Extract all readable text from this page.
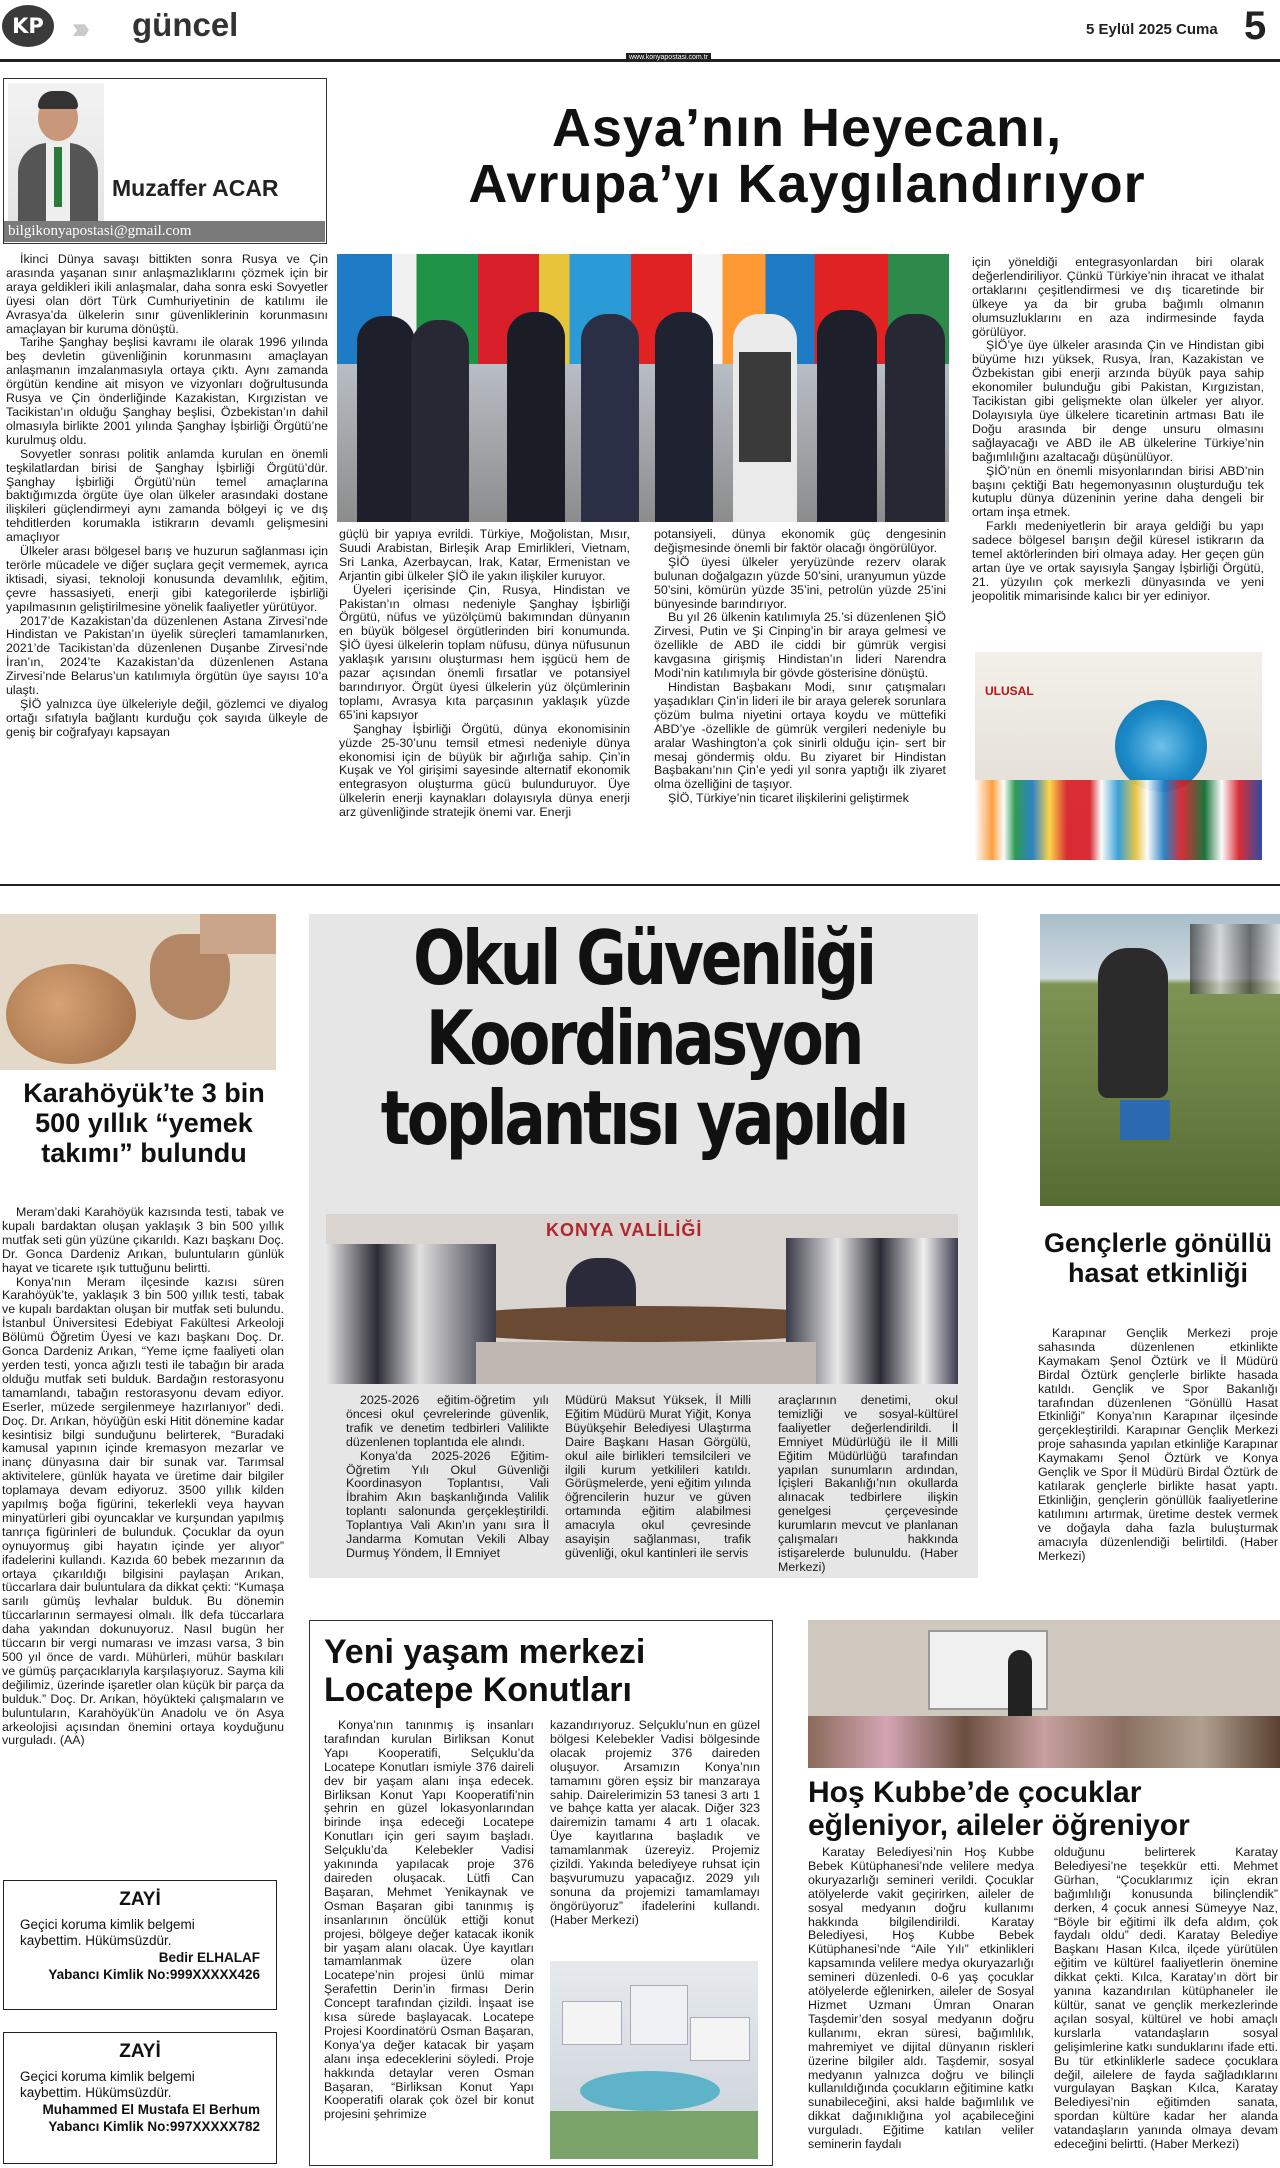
KP ››› güncel	5 Eylül 2025 Cuma 5
www.konyapostasi.com.tr
Muzaffer ACAR
bilgikonyapostasi@gmail.com
Asya’nın Heyecanı,
Avrupa’yı Kaygılandırıyor

İkinci Dünya savaşı bittikten sonra Rusya ve Çin arasında yaşanan sınır anlaşmazlıklarını çözmek için bir araya geldikleri ikili anlaşmalar, daha sonra eski Sovyetler üyesi olan dört Türk Cumhuriyetinin de katılımı ile Avrasya’da ülkelerin sınır güvenliklerinin korunmasını amaçlayan bir kuruma dönüştü.

Tarihe Şanghay beşlisi kavramı ile olarak 1996 yılında beş devletin güvenliğinin korunmasını amaçlayan anlaşmanın imzalanmasıyla ortaya çıktı. Aynı zamanda örgütün kendine ait misyon ve vizyonları doğrultusunda Rusya ve Çin önderliğinde Kazakistan, Kırgızistan ve Tacikistan’ın olduğu Şanghay beşlisi, Özbekistan’ın dahil olmasıyla birlikte 2001 yılında Şanghay İşbirliği Örgütü’ne kurulmuş oldu.

Sovyetler sonrası politik anlamda kurulan en önemli teşkilatlardan birisi de Şanghay İşbirliği Örgütü’dür. Şanghay İşbirliği Örgütü’nün temel amaçlarına baktığımızda örgüte üye olan ülkeler arasındaki dostane ilişkileri güçlendirmeyi aynı zamanda bölgeyi iç ve dış tehditlerden korumakla istikrarın devamlı gelişmesini amaçlıyor

Ülkeler arası bölgesel barış ve huzurun sağlanması için terörle mücadele ve diğer suçlara geçit vermemek, ayrıca iktisadi, siyasi, teknoloji konusunda devamlılık, eğitim, çevre hassasiyeti, enerji gibi kategorilerde işbirliği yapılmasının geliştirilmesine yönelik faaliyetler yürütüyor.

2017’de Kazakistan’da düzenlenen Astana Zirvesi’nde Hindistan ve Pakistan’ın üyelik süreçleri tamamlanırken, 2021’de Tacikistan’da düzenlenen Duşanbe Zirvesi’nde İran’ın, 2024’te Kazakistan’da düzenlenen Astana Zirvesi’nde Belarus’un katılımıyla örgütün üye sayısı 10’a ulaştı.

ŞİÖ yalnızca üye ülkeleriyle değil, gözlemci ve diyalog ortağı sıfatıyla bağlantı kurduğu çok sayıda ülkeyle de geniş bir coğrafyayı kapsayan

güçlü bir yapıya evrildi. Türkiye, Moğolistan, Mısır, Suudi Arabistan, Birleşik Arap Emirlikleri, Vietnam, Sri Lanka, Azerbaycan, Irak, Katar, Ermenistan ve Arjantin gibi ülkeler ŞİÖ ile yakın ilişkiler kuruyor.

Üyeleri içerisinde Çin, Rusya, Hindistan ve Pakistan’ın olması nedeniyle Şanghay İşbirliği Örgütü, nüfus ve yüzölçümü bakımından dünyanın en büyük bölgesel örgütlerinden biri konumunda. ŞİÖ üyesi ülkelerin toplam nüfusu, dünya nüfusunun yaklaşık yarısını oluşturması hem işgücü hem de pazar açısından önemli fırsatlar ve potansiyel barındırıyor. Örgüt üyesi ülkelerin yüz ölçümlerinin toplamı, Avrasya kıta parçasının yaklaşık yüzde 65’ini kapsıyor

Şanghay İşbirliği Örgütü, dünya ekonomisinin yüzde 25-30’unu temsil etmesi nedeniyle dünya ekonomisi için de büyük bir ağırlığa sahip. Çin’in Kuşak ve Yol girişimi sayesinde alternatif ekonomik entegrasyon oluşturma gücü bulunduruyor. Üye ülkelerin enerji kaynakları dolayısıyla dünya enerji arz güvenliğinde stratejik önemi var. Enerji

potansiyeli, dünya ekonomik güç dengesinin değişmesinde önemli bir faktör olacağı öngörülüyor.

ŞİÖ üyesi ülkeler yeryüzünde rezerv olarak bulunan doğalgazın yüzde 50’sini, uranyumun yüzde 50’sini, kömürün yüzde 35’ini, petrolün yüzde 25’ini bünyesinde barındırıyor.

Bu yıl 26 ülkenin katılımıyla 25.’si düzenlenen ŞİÖ Zirvesi, Putin ve Şi Cinping’in bir araya gelmesi ve özellikle de ABD ile ciddi bir gümrük vergisi kavgasına girişmiş Hindistan’ın lideri Narendra Modi’nin katılımıyla bir gövde gösterisine dönüştü.

Hindistan Başbakanı Modi, sınır çatışmaları yaşadıkları Çin’in lideri ile bir araya gelerek sorunlara çözüm bulma niyetini ortaya koydu ve müttefiki ABD’ye -özellikle de gümrük vergileri nedeniyle bu aralar Washington’a çok sinirli olduğu için- sert bir mesaj göndermiş oldu. Bu ziyaret bir Hindistan Başbakanı’nın Çin’e yedi yıl sonra yaptığı ilk ziyaret olma özelliğini de taşıyor.

ŞİÖ, Türkiye’nin ticaret ilişkilerini geliştirmek

için yöneldiği entegrasyonlardan biri olarak değerlendiriliyor. Çünkü Türkiye’nin ihracat ve ithalat ortaklarını çeşitlendirmesi ve dış ticaretinde bir ülkeye ya da bir gruba bağımlı olmanın olumsuzluklarını en aza indirmesinde fayda görülüyor.

ŞİÖ’ye üye ülkeler arasında Çin ve Hindistan gibi büyüme hızı yüksek, Rusya, İran, Kazakistan ve Özbekistan gibi enerji arzında büyük paya sahip ekonomiler bulunduğu gibi Pakistan, Kırgızistan, Tacikistan gibi gelişmekte olan ülkeler yer alıyor. Dolayısıyla üye ülkelere ticaretinin artması Batı ile Doğu arasında bir denge unsuru olmasını sağlayacağı ve ABD ile AB ülkelerine Türkiye’nin bağımlılığını azaltacağı düşünülüyor.

ŞİÖ’nün en önemli misyonlarından birisi ABD’nin başını çektiği Batı hegemonyasının oluşturduğu tek kutuplu dünya düzeninin yerine daha dengeli bir ortam inşa etmek.

Farklı medeniyetlerin bir araya geldiği bu yapı sadece bölgesel barışın değil küresel istikrarın da temel aktörlerinden biri olmaya aday. Her geçen gün artan üye ve ortak sayısıyla Şangay İşbirliği Örgütü, 21. yüzyılın çok merkezli dünyasında ve yeni jeopolitik mimarisinde kalıcı bir yer ediniyor.

ULUSAL
Karahöyük’te 3 bin 500 yıllık “yemek takımı” bulundu

Meram’daki Karahöyük kazısında testi, tabak ve kupalı bardaktan oluşan yaklaşık 3 bin 500 yıllık mutfak seti gün yüzüne çıkarıldı. Kazı başkanı Doç. Dr. Gonca Dardeniz Arıkan, buluntuların günlük hayat ve ticarete ışık tuttuğunu belirtti.

Konya’nın Meram ilçesinde kazısı süren Karahöyük’te, yaklaşık 3 bin 500 yıllık testi, tabak ve kupalı bardaktan oluşan bir mutfak seti bulundu. İstanbul Üniversitesi Edebiyat Fakültesi Arkeoloji Bölümü Öğretim Üyesi ve kazı başkanı Doç. Dr. Gonca Dardeniz Arıkan, “Yeme içme faaliyeti olan yerden testi, yonca ağızlı testi ile tabağın bir arada olduğu mutfak seti bulduk. Bardağın restorasyonu tamamlandı, tabağın restorasyonu devam ediyor. Eserler, müzede sergilenmeye hazırlanıyor” dedi. Doç. Dr. Arıkan, höyüğün eski Hitit dönemine kadar kesintisiz bilgi sunduğunu belirterek, “Buradaki kamusal yapının içinde kremasyon mezarlar ve inanç dünyasına dair bir sunak var. Tarımsal aktivitelere, günlük hayata ve üretime dair bilgiler toplamaya devam ediyoruz. 3500 yıllık kilden yapılmış boğa figürini, tekerlekli veya hayvan minyatürleri gibi oyuncaklar ve kurşundan yapılmış tanrıça figürinleri de bulunduk. Çocuklar da oyun oynuyormuş gibi hayatın içinde yer alıyor” ifadelerini kullandı. Kazıda 60 bebek mezarının da ortaya çıkarıldığı bilgisini paylaşan Arıkan, tüccarlara dair buluntulara da dikkat çekti: “Kumaşa sarılı gümüş levhalar bulduk. Bu dönemin tüccarlarının sermayesi olmalı. İlk defa tüccarlara daha yakından dokunuyoruz. Nasıl bugün her tüccarın bir vergi numarası ve imzası varsa, 3 bin 500 yıl önce de vardı. Mühürleri, mühür baskıları ve gümüş parçacıklarıyla karşılaşıyoruz. Sayma kili değilimiz, üzerinde işaretler olan küçük bir parça da bulduk.” Doç. Dr. Arıkan, höyükteki çalışmaların ve buluntuların, Karahöyük’ün Anadolu ve ön Asya arkeolojisi açısından önemini ortaya koyduğunu vurguladı. (AA)

Okul Güvenliği
Koordinasyon
toplantısı yapıldı
KONYA VALİLİĞİ

2025-2026 eğitim-öğretim yılı öncesi okul çevrelerinde güvenlik, trafik ve denetim tedbirleri Valilikte düzenlenen toplantıda ele alındı.

Konya’da 2025-2026 Eğitim-Öğretim Yılı Okul Güvenliği Koordinasyon Toplantısı, Vali İbrahim Akın başkanlığında Valilik toplantı salonunda gerçekleştirildi. Toplantıya Vali Akın’ın yanı sıra İl Jandarma Komutan Vekili Albay Durmuş Yöndem, İl Emniyet

Müdürü Maksut Yüksek, İl Milli Eğitim Müdürü Murat Yiğit, Konya Büyükşehir Belediyesi Ulaştırma Daire Başkanı Hasan Görgülü, okul aile birlikleri temsilcileri ve ilgili kurum yetkilileri katıldı. Görüşmelerde, yeni eğitim yılında öğrencilerin huzur ve güven ortamında eğitim alabilmesi amacıyla okul çevresinde asayişin sağlanması, trafik güvenliği, okul kantinleri ile servis

araçlarının denetimi, okul temizliği ve sosyal-kültürel faaliyetler değerlendirildi. İl Emniyet Müdürlüğü ile İl Milli Eğitim Müdürlüğü tarafından yapılan sunumların ardından, İçişleri Bakanlığı’nın okullarda alınacak tedbirlere ilişkin genelgesi çerçevesinde kurumların mevcut ve planlanan çalışmaları hakkında istişarelerde bulunuldu. (Haber Merkezi)

Gençlerle gönüllü hasat etkinliği

Karapınar Gençlik Merkezi proje sahasında düzenlenen etkinlikte Kaymakam Şenol Öztürk ve İl Müdürü Birdal Öztürk gençlerle birlikte hasada katıldı. Gençlik ve Spor Bakanlığı tarafından düzenlenen “Gönüllü Hasat Etkinliği” Konya’nın Karapınar ilçesinde gerçekleştirildi. Karapınar Gençlik Merkezi proje sahasında yapılan etkinliğe Karapınar Kaymakamı Şenol Öztürk ve Konya Gençlik ve Spor İl Müdürü Birdal Öztürk de katılarak gençlerle birlikte hasat yaptı. Etkinliğin, gençlerin gönüllük faaliyetlerine katılımını artırmak, üretime destek vermek ve doğayla daha fazla buluşturmak amacıyla düzenlendiği belirtildi. (Haber Merkezi)

Yeni yaşam merkezi
Locatepe Konutları

Konya’nın tanınmış iş insanları tarafından kurulan Birliksan Konut Yapı Kooperatifi, Selçuklu’da Locatepe Konutları ismiyle 376 daireli dev bir yaşam alanı inşa edecek. Birliksan Konut Yapı Kooperatifi’nin şehrin en güzel lokasyonlarından birinde inşa edeceği Locatepe Konutları için geri sayım başladı. Selçuklu’da Kelebekler Vadisi yakınında yapılacak proje 376 daireden oluşacak. Lütfi Can Başaran, Mehmet Yenikaynak ve Osman Başaran gibi tanınmış iş insanlarının öncülük ettiği konut projesi, bölgeye değer katacak ikonik bir yaşam alanı olacak. Üye kayıtları tamamlanmak üzere olan Locatepe’nin projesi ünlü mimar Şerafettin Derin’in firması Derin Concept tarafından çizildi. İnşaat ise kısa sürede başlayacak. Locatepe Projesi Koordinatörü Osman Başaran, Konya’ya değer katacak bir yaşam alanı inşa edeceklerini söyledi. Proje hakkında detaylar veren Osman Başaran, “Birliksan Konut Yapı Kooperatifi olarak çok özel bir konut projesini şehrimize

kazandırıyoruz. Selçuklu’nun en güzel bölgesi Kelebekler Vadisi bölgesinde olacak projemiz 376 daireden oluşuyor. Arsamızın Konya’nın tamamını gören eşsiz bir manzaraya sahip. Dairelerimizin 53 tanesi 3 artı 1 ve bahçe katta yer alacak. Diğer 323 dairemizin tamamı 4 artı 1 olacak. Üye kayıtlarına başladık ve tamamlanmak üzereyiz. Projemiz çizildi. Yakında belediyeye ruhsat için başvurumuzu yapacağız. 2029 yılı sonuna da projemizi tamamlamayı öngörüyoruz” ifadelerini kullandı. (Haber Merkezi)

Hoş Kubbe’de çocuklar
eğleniyor, aileler öğreniyor

Karatay Belediyesi’nin Hoş Kubbe Bebek Kütüphanesi’nde velilere medya okuryazarlığı semineri verildi. Çocuklar atölyelerde vakit geçirirken, aileler de sosyal medyanın doğru kullanımı hakkında bilgilendirildi. Karatay Belediyesi, Hoş Kubbe Bebek Kütüphanesi’nde “Aile Yılı” etkinlikleri kapsamında velilere medya okuryazarlığı semineri düzenledi. 0-6 yaş çocuklar atölyelerde eğlenirken, aileler de Sosyal Hizmet Uzmanı Ümran Onaran Taşdemir’den sosyal medyanın doğru kullanımı, ekran süresi, bağımlılık, mahremiyet ve dijital dünyanın riskleri üzerine bilgiler aldı. Taşdemir, sosyal medyanın yalnızca doğru ve bilinçli kullanıldığında çocukların eğitimine katkı sunabileceğini, aksi halde bağımlılık ve dikkat dağınıklığına yol açabileceğini vurguladı. Eğitime katılan veliler seminerin faydalı

olduğunu belirterek Karatay Belediyesi’ne teşekkür etti. Mehmet Gürhan, “Çocuklarımız için ekran bağımlılığı konusunda bilinçlendik” derken, 4 çocuk annesi Sümeyye Naz, “Böyle bir eğitimi ilk defa aldım, çok faydalı oldu” dedi. Karatay Belediye Başkanı Hasan Kılca, ilçede yürütülen eğitim ve kültürel faaliyetlerin önemine dikkat çekti. Kılca, Karatay’ın dört bir yanına kazandırılan kütüphaneler ile kültür, sanat ve gençlik merkezlerinde açılan sosyal, kültürel ve hobi amaçlı kurslarla vatandaşların sosyal gelişimlerine katkı sunduklarını ifade etti. Bu tür etkinliklerle sadece çocuklara değil, ailelere de fayda sağladıklarını vurgulayan Başkan Kılca, Karatay Belediyesi’nin eğitimden sanata, spordan kültüre kadar her alanda vatandaşların yanında olmaya devam edeceğini belirtti. (Haber Merkezi)

ZAYİ
Geçici koruma kimlik belgemi kaybettim. Hükümsüzdür.
Bedir ELHALAF
Yabancı Kimlik No:999XXXXX426
ZAYİ
Geçici koruma kimlik belgemi kaybettim. Hükümsüzdür.
Muhammed El Mustafa El Berhum
Yabancı Kimlik No:997XXXXX782
